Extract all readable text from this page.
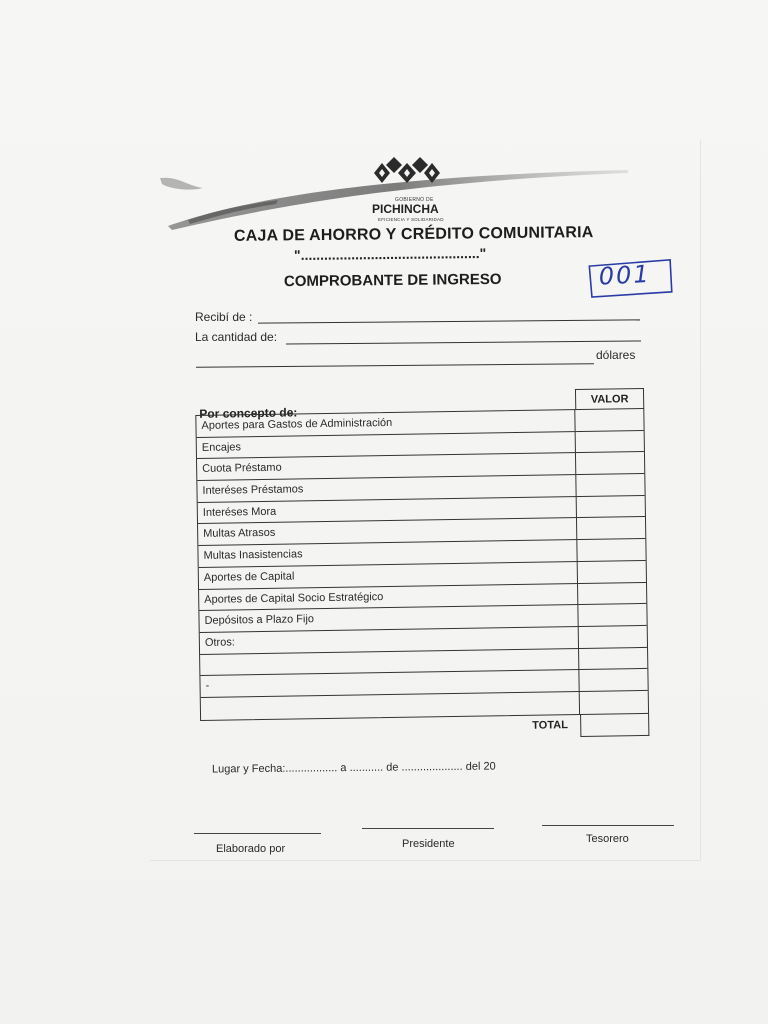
GOBIERNO DE
PICHINCHA
EFICIENCIA Y SOLIDARIDAD
CAJA DE AHORRO Y CRÉDITO COMUNITARIA
".............................................."
COMPROBANTE DE INGRESO	001
Recibí de :
La cantidad de:
dólares
Por concepto de:
VALOR
Aportes para Gastos de Administración
Encajes
Cuota Préstamo
Interéses Préstamos
Interéses Mora
Multas Atrasos
Multas Inasistencias
Aportes de Capital
Aportes de Capital Socio Estratégico
Depósitos a Plazo Fijo
Otros:
-
TOTAL
Lugar y Fecha:................. a ........... de .................... del 20
Elaborado por	Presidente	Tesorero
